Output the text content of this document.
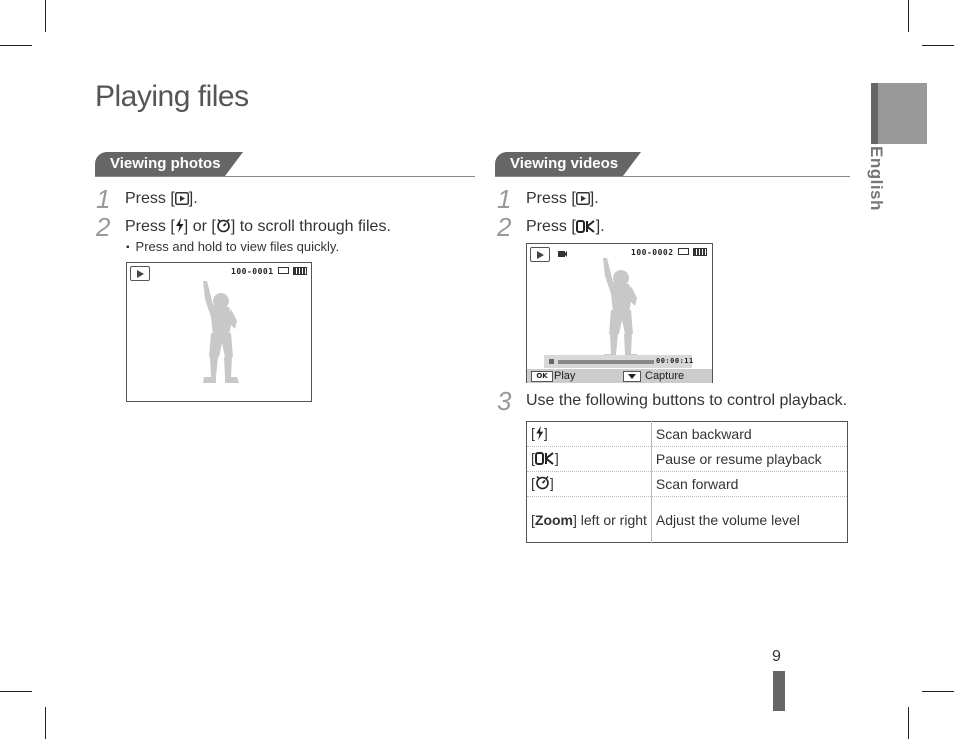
Playing files
English
Viewing photos
1 Press [ ].
2 Press [ ] or [ ] to scroll through files.
▪ Press and hold to view files quickly.
100-0001
Viewing videos
1 Press [ ].
2 Press [ ].
100-0002
00:00:11
OK Play	Capture
3 Use the following buttons to control playback.
[ ]	Scan backward
[ ]	Pause or resume playback
[ ]	Scan forward
[Zoom] left or right	Adjust the volume level
9
